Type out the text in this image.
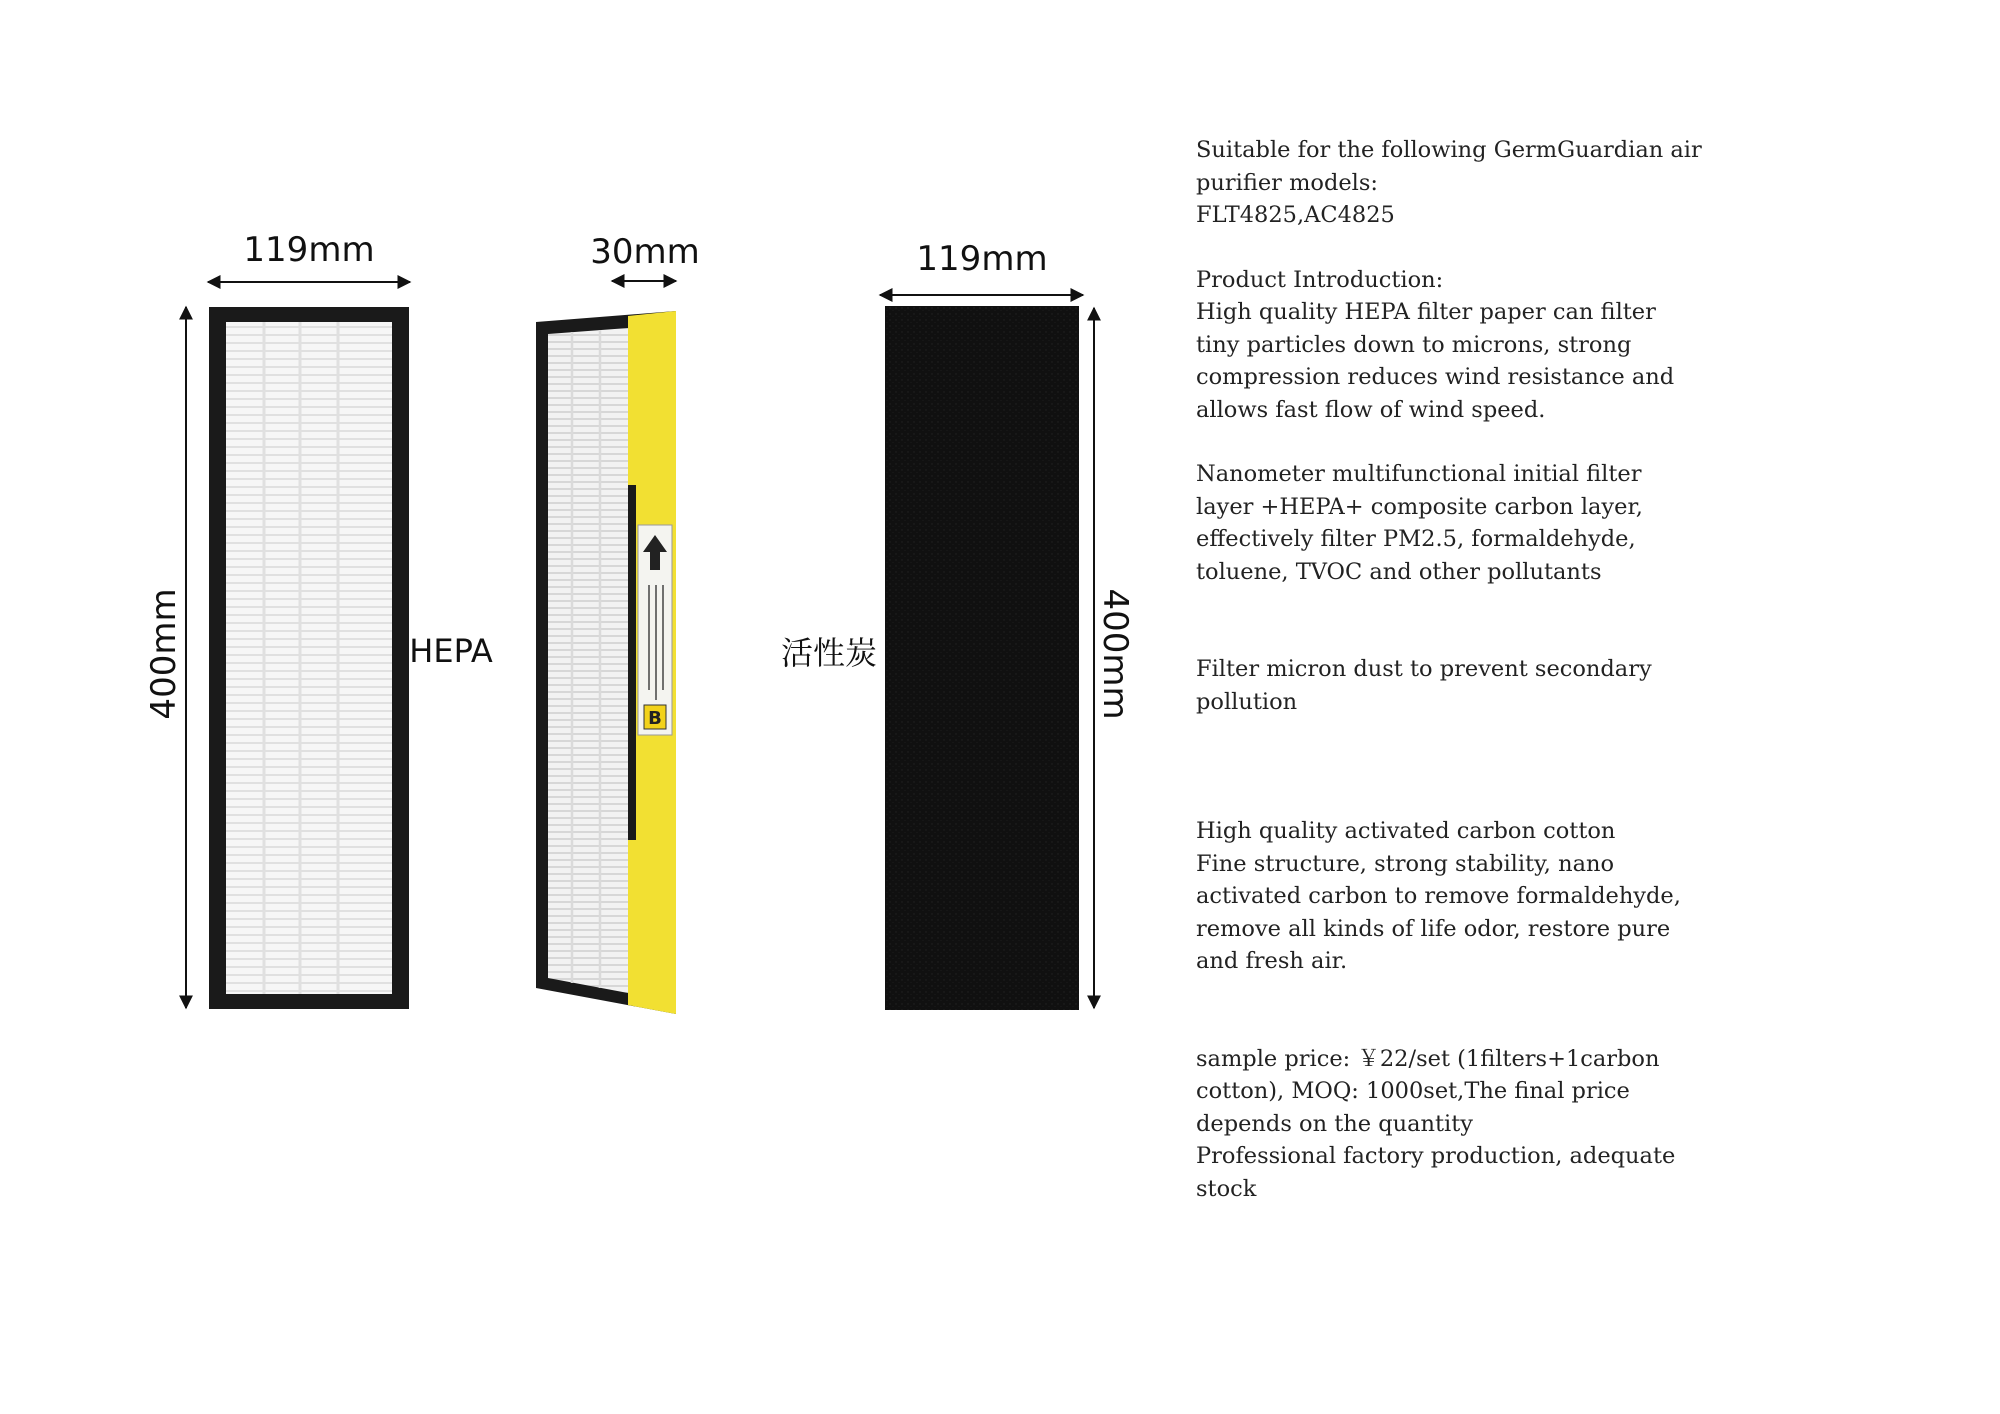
119mm
400mm	HEPA
B
30mm
活性炭
119mm
400mm

Suitable for the following GermGuardian air
purifier models:
FLT4825,AC4825

Product Introduction:

High quality HEPA filter paper can filter
tiny particles down to microns, strong
compression reduces wind resistance and
allows fast flow of wind speed.

Nanometer multifunctional initial filter
layer +HEPA+ composite carbon layer,
effectively filter PM2.5, formaldehyde,
toluene, TVOC and other pollutants

Filter micron dust to prevent secondary
pollution

High quality activated carbon cotton
Fine structure, strong stability, nano
activated carbon to remove formaldehyde,
remove all kinds of life odor, restore pure
and fresh air.

sample price: ￥22/set (1filters+1carbon
cotton), MOQ: 1000set,The final price
depends on the quantity
Professional factory production, adequate
stock
